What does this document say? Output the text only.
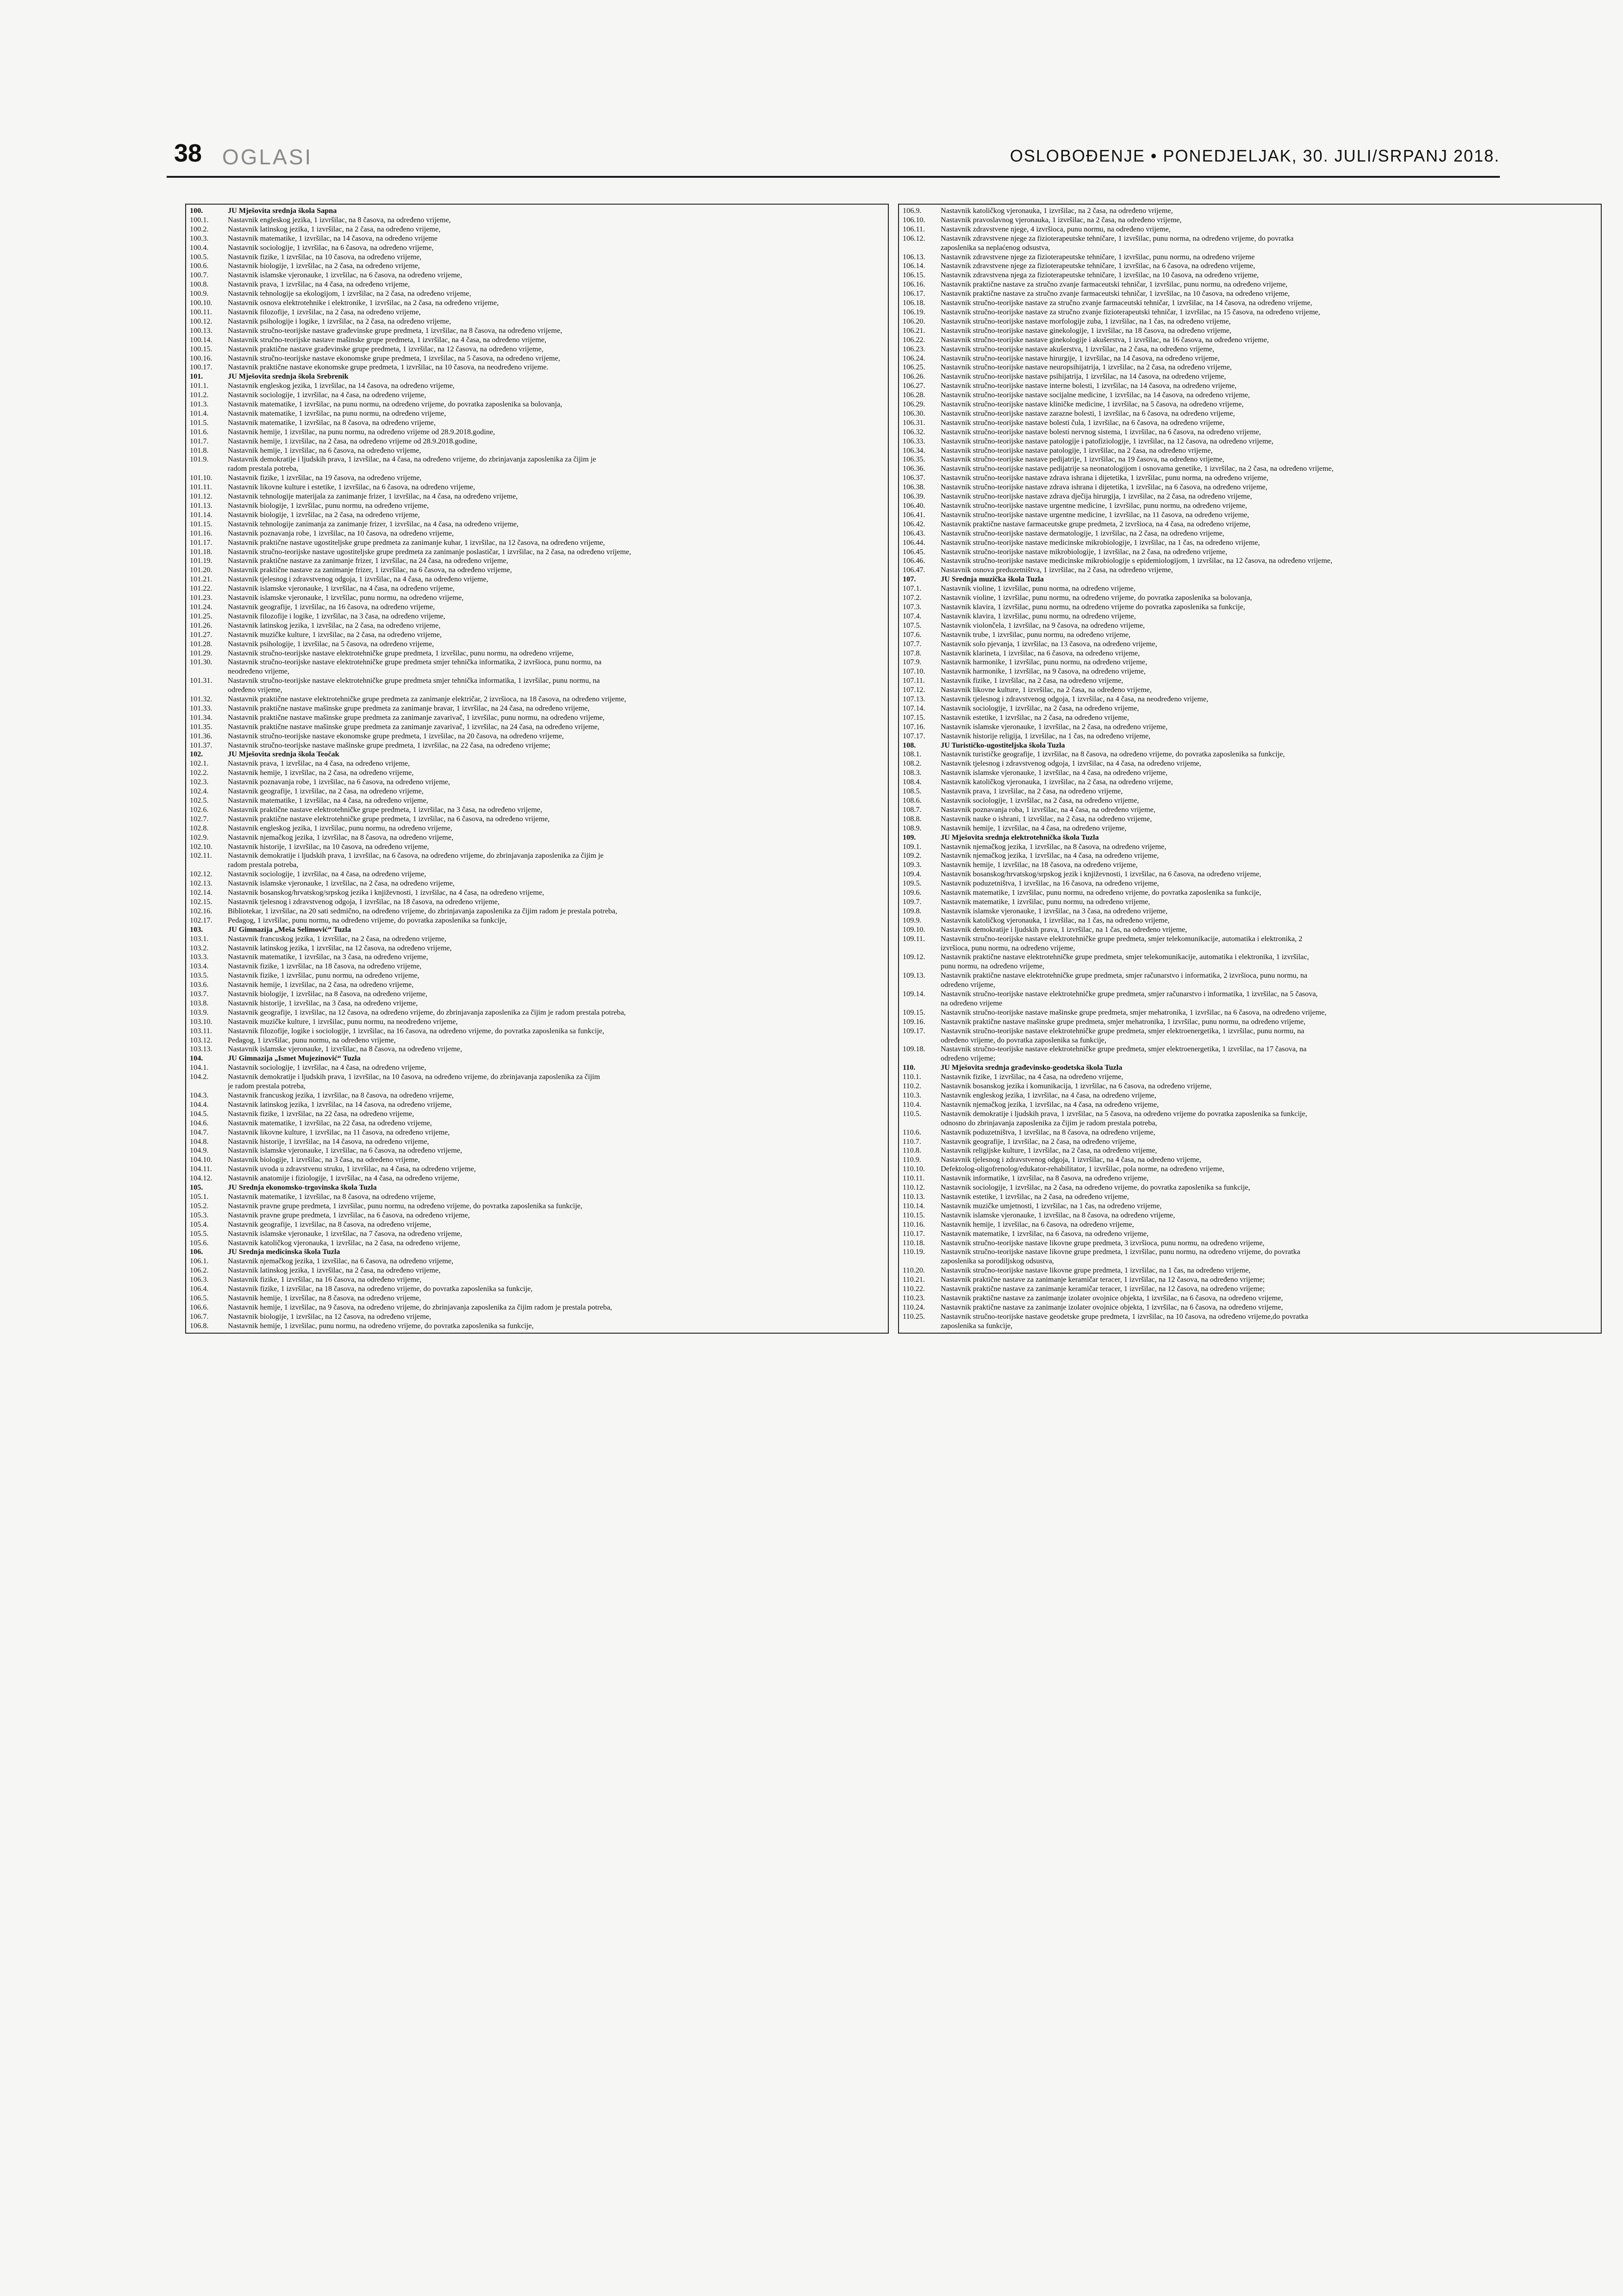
38 OGLASI	OSLOBOĐENJE • PONEDJELJAK, 30. JULI/SRPANJ 2018.
100.	JU Mješovita srednja škola Sapna
100.1.	Nastavnik engleskog jezika, 1 izvršilac, na 8 časova, na određeno vrijeme,
100.2.	Nastavnik latinskog jezika, 1 izvršilac, na 2 časa, na određeno vrijeme,
100.3.	Nastavnik matematike, 1 izvršilac, na 14 časova, na određeno vrijeme
100.4.	Nastavnik sociologije, 1 izvršilac, na 6 časova, na određeno vrijeme,
100.5.	Nastavnik fizike, 1 izvršilac, na 10 časova, na određeno vrijeme,
100.6.	Nastavnik biologije, 1 izvršilac, na 2 časa, na određeno vrijeme,
100.7.	Nastavnik islamske vjeronauke, 1 izvršilac, na 6 časova, na određeno vrijeme,
100.8.	Nastavnik prava, 1 izvršilac, na 4 časa, na određeno vrijeme,
100.9.	Nastavnik tehnologije sa ekologijom, 1 izvršilac, na 2 časa, na određeno vrijeme,
100.10.	Nastavnik osnova elektrotehnike i elektronike, 1 izvršilac, na 2 časa, na određeno vrijeme,
100.11.	Nastavnik filozofije, 1 izvršilac, na 2 časa, na određeno vrijeme,
100.12.	Nastavnik psihologije i logike, 1 izvršilac, na 2 časa, na određeno vrijeme,
100.13.	Nastavnik stručno-teorijske nastave građevinske grupe predmeta, 1 izvršilac, na 8 časova, na određeno vrijeme,
100.14.	Nastavnik stručno-teorijske nastave mašinske grupe predmeta, 1 izvršilac, na 4 časa, na određeno vrijeme,
100.15.	Nastavnik praktične nastave građevinske grupe predmeta, 1 izvršilac, na 12 časova, na određeno vrijeme,
100.16.	Nastavnik stručno-teorijske nastave ekonomske grupe predmeta, 1 izvršilac, na 5 časova, na određeno vrijeme,
100.17.	Nastavnik praktične nastave ekonomske grupe predmeta, 1 izvršilac, na 10 časova, na neodređeno vrijeme.
101.	JU Mješovita srednja škola Srebrenik
101.1.	Nastavnik engleskog jezika, 1 izvršilac, na 14 časova, na određeno vrijeme,
101.2.	Nastavnik sociologije, 1 izvršilac, na 4 časa, na određeno vrijeme,
101.3.	Nastavnik matematike, 1 izvršilac, na punu normu, na određeno vrijeme, do povratka zaposlenika sa bolovanja,
101.4.	Nastavnik matematike, 1 izvršilac, na punu normu, na određeno vrijeme,
101.5.	Nastavnik matematike, 1 izvršilac, na 8 časova, na određeno vrijeme,
101.6.	Nastavnik hemije, 1 izvršilac, na punu normu, na određeno vrijeme od 28.9.2018.godine,
101.7.	Nastavnik hemije, 1 izvršilac, na 2 časa, na određeno vrijeme od 28.9.2018.godine,
101.8.	Nastavnik hemije, 1 izvršilac, na 6 časova, na određeno vrijeme,
101.9.	Nastavnik demokratije i ljudskih prava, 1 izvršilac, na 4 časa, na određeno vrijeme, do zbrinjavanja zaposlenika za čijim je
radom prestala potreba,
101.10.	Nastavnik fizike, 1 izvršilac, na 19 časova, na određeno vrijeme,
101.11.	Nastavnik likovne kulture i estetike, 1 izvršilac, na 6 časova, na određeno vrijeme,
101.12.	Nastavnik tehnologije materijala za zanimanje frizer, 1 izvršilac, na 4 časa, na određeno vrijeme,
101.13.	Nastavnik biologije, 1 izvršilac, punu normu, na određeno vrijeme,
101.14.	Nastavnik biologije, 1 izvršilac, na 2 časa, na određeno vrijeme,
101.15.	Nastavnik tehnologije zanimanja za zanimanje frizer, 1 izvršilac, na 4 časa, na određeno vrijeme,
101.16.	Nastavnik poznavanja robe, 1 izvršilac, na 10 časova, na određeno vrijeme,
101.17.	Nastavnik praktične nastave ugostiteljske grupe predmeta za zanimanje kuhar, 1 izvršilac, na 12 časova, na određeno vrijeme,
101.18.	Nastavnik stručno-teorijske nastave ugostiteljske grupe predmeta za zanimanje poslastičar, 1 izvršilac, na 2 časa, na određeno vrijeme,
101.19.	Nastavnik praktične nastave za zanimanje frizer, 1 izvršilac, na 24 časa, na određeno vrijeme,
101.20.	Nastavnik praktične nastave za zanimanje frizer, 1 izvršilac, na 6 časova, na određeno vrijeme,
101.21.	Nastavnik tjelesnog i zdravstvenog odgoja, 1 izvršilac, na 4 časa, na određeno vrijeme,
101.22.	Nastavnik islamske vjeronauke, 1 izvršilac, na 4 časa, na određeno vrijeme,
101.23.	Nastavnik islamske vjeronauke, 1 izvršilac, punu normu, na određeno vrijeme,
101.24.	Nastavnik geografije, 1 izvršilac, na 16 časova, na određeno vrijeme,
101.25.	Nastavnik filozofije i logike, 1 izvršilac, na 3 časa, na određeno vrijeme,
101.26.	Nastavnik latinskog jezika, 1 izvršilac, na 2 časa, na određeno vrijeme,
101.27.	Nastavnik muzičke kulture, 1 izvršilac, na 2 časa, na određeno vrijeme,
101.28.	Nastavnik psihologije, 1 izvršilac, na 5 časova, na određeno vrijeme,
101.29.	Nastavnik stručno-teorijske nastave elektrotehničke grupe predmeta, 1 izvršilac, punu normu, na određeno vrijeme,
101.30.	Nastavnik stručno-teorijske nastave elektrotehničke grupe predmeta smjer tehnička informatika, 2 izvršioca, punu normu, na
neodređeno vrijeme,
101.31.	Nastavnik stručno-teorijske nastave elektrotehničke grupe predmeta smjer tehnička informatika, 1 izvršilac, punu normu, na
određeno vrijeme,
101.32.	Nastavnik praktične nastave elektrotehničke grupe predmeta za zanimanje električar, 2 izvršioca, na 18 časova, na određeno vrijeme,
101.33.	Nastavnik praktične nastave mašinske grupe predmeta za zanimanje bravar, 1 izvršilac, na 24 časa, na određeno vrijeme,
101.34.	Nastavnik praktične nastave mašinske grupe predmeta za zanimanje zavarivač, 1 izvršilac, punu normu, na određeno vrijeme,
101.35.	Nastavnik praktične nastave mašinske grupe predmeta za zanimanje zavarivač, 1 izvršilac, na 24 časa, na određeno vrijeme,
101.36.	Nastavnik stručno-teorijske nastave ekonomske grupe predmeta, 1 izvršilac, na 20 časova, na određeno vrijeme,
101.37.	Nastavnik stručno-teorijske nastave mašinske grupe predmeta, 1 izvršilac, na 22 časa, na određeno vrijeme;
102.	JU Mješovita srednja škola Teočak
102.1.	Nastavnik prava, 1 izvršilac, na 4 časa, na određeno vrijeme,
102.2.	Nastavnik hemije, 1 izvršilac, na 2 časa, na određeno vrijeme,
102.3.	Nastavnik poznavanja robe, 1 izvršilac, na 6 časova, na određeno vrijeme,
102.4.	Nastavnik geografije, 1 izvršilac, na 2 časa, na određeno vrijeme,
102.5.	Nastavnik matematike, 1 izvršilac, na 4 časa, na određeno vrijeme,
102.6.	Nastavnik praktične nastave elektrotehničke grupe predmeta, 1 izvršilac, na 3 časa, na određeno vrijeme,
102.7.	Nastavnik praktične nastave elektrotehničke grupe predmeta, 1 izvršilac, na 6 časova, na određeno vrijeme,
102.8.	Nastavnik engleskog jezika, 1 izvršilac, punu normu, na određeno vrijeme,
102.9.	Nastavnik njemačkog jezika, 1 izvršilac, na 8 časova, na određeno vrijeme,
102.10.	Nastavnik historije, 1 izvršilac, na 10 časova, na određeno vrijeme,
102.11.	Nastavnik demokratije i ljudskih prava, 1 izvršilac, na 6 časova, na određeno vrijeme, do zbrinjavanja zaposlenika za čijim je
radom prestala potreba,
102.12.	Nastavnik sociologije, 1 izvršilac, na 4 časa, na određeno vrijeme,
102.13.	Nastavnik islamske vjeronauke, 1 izvršilac, na 2 časa, na određeno vrijeme,
102.14.	Nastavnik bosanskog/hrvatskog/srpskog jezika i književnosti, 1 izvršilac, na 4 časa, na određeno vrijeme,
102.15.	Nastavnik tjelesnog i zdravstvenog odgoja, 1 izvršilac, na 18 časova, na određeno vrijeme,
102.16.	Bibliotekar, 1 izvršilac, na 20 sati sedmično, na određeno vrijeme, do zbrinjavanja zaposlenika za čijim radom je prestala potreba,
102.17.	Pedagog, 1 izvršilac, punu normu, na određeno vrijeme, do povratka zaposlenika sa funkcije,
103.	JU Gimnazija „Meša Selimović“ Tuzla
103.1.	Nastavnik francuskog jezika, 1 izvršilac, na 2 časa, na određeno vrijeme,
103.2.	Nastavnik latinskog jezika, 1 izvršilac, na 12 časova, na određeno vrijeme,
103.3.	Nastavnik matematike, 1 izvršilac, na 3 časa, na određeno vrijeme,
103.4.	Nastavnik fizike, 1 izvršilac, na 18 časova, na određeno vrijeme,
103.5.	Nastavnik fizike, 1 izvršilac, punu normu, na određeno vrijeme,
103.6.	Nastavnik hemije, 1 izvršilac, na 2 časa, na određeno vrijeme,
103.7.	Nastavnik biologije, 1 izvršilac, na 8 časova, na određeno vrijeme,
103.8.	Nastavnik historije, 1 izvršilac, na 3 časa, na određeno vrijeme,
103.9.	Nastavnik geografije, 1 izvršilac, na 12 časova, na određeno vrijeme, do zbrinjavanja zaposlenika za čijim je radom prestala potreba,
103.10.	Nastavnik muzičke kulture, 1 izvršilac, punu normu, na neodređeno vrijeme,
103.11.	Nastavnik filozofije, logike i sociologije, 1 izvršilac, na 16 časova, na određeno vrijeme, do povratka zaposlenika sa funkcije,
103.12.	Pedagog, 1 izvršilac, punu normu, na određeno vrijeme,
103.13.	Nastavnik islamske vjeronauke, 1 izvršilac, na 8 časova, na određeno vrijeme,
104.	JU Gimnazija „Ismet Mujezinović“ Tuzla
104.1.	Nastavnik sociologije, 1 izvršilac, na 4 časa, na određeno vrijeme,
104.2.	Nastavnik demokratije i ljudskih prava, 1 izvršilac, na 10 časova, na određeno vrijeme, do zbrinjavanja zaposlenika za čijim
je radom prestala potreba,
104.3.	Nastavnik francuskog jezika, 1 izvršilac, na 8 časova, na određeno vrijeme,
104.4.	Nastavnik latinskog jezika, 1 izvršilac, na 14 časova, na određeno vrijeme,
104.5.	Nastavnik fizike, 1 izvršilac, na 22 časa, na određeno vrijeme,
104.6.	Nastavnik matematike, 1 izvršilac, na 22 časa, na određeno vrijeme,
104.7.	Nastavnik likovne kulture, 1 izvršilac, na 11 časova, na određeno vrijeme,
104.8.	Nastavnik historije, 1 izvršilac, na 14 časova, na određeno vrijeme,
104.9.	Nastavnik islamske vjeronauke, 1 izvršilac, na 6 časova, na određeno vrijeme,
104.10.	Nastavnik biologije, 1 izvršilac, na 3 časa, na određeno vrijeme,
104.11.	Nastavnik uvoda u zdravstvenu struku, 1 izvršilac, na 4 časa, na određeno vrijeme,
104.12.	Nastavnik anatomije i fiziologije, 1 izvršilac, na 4 časa, na određeno vrijeme,
105.	JU Srednja ekonomsko-trgovinska škola Tuzla
105.1.	Nastavnik matematike, 1 izvršilac, na 8 časova, na određeno vrijeme,
105.2.	Nastavnik pravne grupe predmeta, 1 izvršilac, punu normu, na određeno vrijeme, do povratka zaposlenika sa funkcije,
105.3.	Nastavnik pravne grupe predmeta, 1 izvršilac, na 6 časova, na određeno vrijeme,
105.4.	Nastavnik geografije, 1 izvršilac, na 8 časova, na određeno vrijeme,
105.5.	Nastavnik islamske vjeronauke, 1 izvršilac, na 7 časova, na određeno vrijeme,
105.6.	Nastavnik katoličkog vjeronauka, 1 izvršilac, na 2 časa, na određeno vrijeme,
106.	JU Srednja medicinska škola Tuzla
106.1.	Nastavnik njemačkog jezika, 1 izvršilac, na 6 časova, na određeno vrijeme,
106.2.	Nastavnik latinskog jezika, 1 izvršilac, na 2 časa, na određeno vrijeme,
106.3.	Nastavnik fizike, 1 izvršilac, na 16 časova, na određeno vrijeme,
106.4.	Nastavnik fizike, 1 izvršilac, na 18 časova, na određeno vrijeme, do povratka zaposlenika sa funkcije,
106.5.	Nastavnik hemije, 1 izvršilac, na 8 časova, na određeno vrijeme,
106.6.	Nastavnik hemije, 1 izvršilac, na 9 časova, na određeno vrijeme, do zbrinjavanja zaposlenika za čijim radom je prestala potreba,
106.7.	Nastavnik biologije, 1 izvršilac, na 12 časova, na određeno vrijeme,
106.8.	Nastavnik hemije, 1 izvršilac, punu normu, na određeno vrijeme, do povratka zaposlenika sa funkcije,
106.9.	Nastavnik katoličkog vjeronauka, 1 izvršilac, na 2 časa, na određeno vrijeme,
106.10.	Nastavnik pravoslavnog vjeronauka, 1 izvršilac, na 2 časa, na određeno vrijeme,
106.11.	Nastavnik zdravstvene njege, 4 izvršioca, punu normu, na određeno vrijeme,
106.12.	Nastavnik zdravstvene njege za fizioterapeutske tehničare, 1 izvršilac, punu norma, na određeno vrijeme, do povratka
zaposlenika sa neplaćenog odsustva,
106.13.	Nastavnik zdravstvene njege za fizioterapeutske tehničare, 1 izvršilac, punu normu, na određeno vrijeme
106.14.	Nastavnik zdravstvene njege za fizioterapeutske tehničare, 1 izvršilac, na 6 časova, na određeno vrijeme,
106.15.	Nastavnik zdravstvena njega za fizioterapeutske tehničare, 1 izvršilac, na 10 časova, na određeno vrijeme,
106.16.	Nastavnik praktične nastave za stručno zvanje farmaceutski tehničar, 1 izvršilac, punu normu, na određeno vrijeme,
106.17.	Nastavnik praktične nastave za stručno zvanje farmaceutski tehničar, 1 izvršilac, na 10 časova, na određeno vrijeme,
106.18.	Nastavnik stručno-teorijske nastave za stručno zvanje farmaceutski tehničar, 1 izvršilac, na 14 časova, na određeno vrijeme,
106.19.	Nastavnik stručno-teorijske nastave za stručno zvanje fizioterapeutski tehničar, 1 izvršilac, na 15 časova, na određeno vrijeme,
106.20.	Nastavnik stručno-teorijske nastave morfologije zuba, 1 izvršilac, na 1 čas, na određeno vrijeme,
106.21.	Nastavnik stručno-teorijske nastave ginekologije, 1 izvršilac, na 18 časova, na određeno vrijeme,
106.22.	Nastavnik stručno-teorijske nastave ginekologije i akušerstva, 1 izvršilac, na 16 časova, na određeno vrijeme,
106.23.	Nastavnik stručno-teorijske nastave akušerstva, 1 izvršilac, na 2 časa, na određeno vrijeme,
106.24.	Nastavnik stručno-teorijske nastave hirurgije, 1 izvršilac, na 14 časova, na određeno vrijeme,
106.25.	Nastavnik stručno-teorijske nastave neuropsihijatrija, 1 izvršilac, na 2 časa, na određeno vrijeme,
106.26.	Nastavnik stručno-teorijske nastave psihijatrija, 1 izvršilac, na 14 časova, na određeno vrijeme,
106.27.	Nastavnik stručno-teorijske nastave interne bolesti, 1 izvršilac, na 14 časova, na određeno vrijeme,
106.28.	Nastavnik stručno-teorijske nastave socijalne medicine, 1 izvršilac, na 14 časova, na određeno vrijeme,
106.29.	Nastavnik stručno-teorijske nastave kliničke medicine, 1 izvršilac, na 5 časova, na određeno vrijeme,
106.30.	Nastavnik stručno-teorijske nastave zarazne bolesti, 1 izvršilac, na 6 časova, na određeno vrijeme,
106.31.	Nastavnik stručno-teorijske nastave bolesti čula, 1 izvršilac, na 6 časova, na određeno vrijeme,
106.32.	Nastavnik stručno-teorijske nastave bolesti nervnog sistema, 1 izvršilac, na 6 časova, na određeno vrijeme,
106.33.	Nastavnik stručno-teorijske nastave patologije i patofiziologije, 1 izvršilac, na 12 časova, na određeno vrijeme,
106.34.	Nastavnik stručno-teorijske nastave patologije, 1 izvršilac, na 2 časa, na određeno vrijeme,
106.35.	Nastavnik stručno-teorijske nastave pedijatrije, 1 izvršilac, na 19 časova, na određeno vrijeme,
106.36.	Nastavnik stručno-teorijske nastave pedijatrije sa neonatologijom i osnovama genetike, 1 izvršilac, na 2 časa, na određeno vrijeme,
106.37.	Nastavnik stručno-teorijske nastave zdrava ishrana i dijetetika, 1 izvršilac, punu norma, na određeno vrijeme,
106.38.	Nastavnik stručno-teorijske nastave zdrava ishrana i dijetetika, 1 izvršilac, na 6 časova, na određeno vrijeme,
106.39.	Nastavnik stručno-teorijske nastave zdrava dječija hirurgija, 1 izvršilac, na 2 časa, na određeno vrijeme,
106.40.	Nastavnik stručno-teorijske nastave urgentne medicine, 1 izvršilac, punu normu, na određeno vrijeme,
106.41.	Nastavnik stručno-teorijske nastave urgentne medicine, 1 izvršilac, na 11 časova, na određeno vrijeme,
106.42.	Nastavnik praktične nastave farmaceutske grupe predmeta, 2 izvršioca, na 4 časa, na određeno vrijeme,
106.43.	Nastavnik stručno-teorijske nastave dermatologije, 1 izvršilac, na 2 časa, na određeno vrijeme,
106.44.	Nastavnik stručno-teorijske nastave medicinske mikrobiologije, 1 izvršilac, na 1 čas, na određeno vrijeme,
106.45.	Nastavnik stručno-teorijske nastave mikrobiologije, 1 izvršilac, na 2 časa, na određeno vrijeme,
106.46.	Nastavnik stručno-teorijske nastave medicinske mikrobiologije s epidemiologijom, 1 izvršilac, na 12 časova, na određeno vrijeme,
106.47.	Nastavnik osnova preduzetništva, 1 izvršilac, na 2 časa, na određeno vrijeme,
107.	JU Srednja muzička škola Tuzla
107.1.	Nastavnik violine, 1 izvršilac, punu norma, na određeno vrijeme,
107.2.	Nastavnik violine, 1 izvršilac, punu normu, na određeno vrijeme, do povratka zaposlenika sa bolovanja,
107.3.	Nastavnik klavira, 1 izvršilac, punu normu, na određeno vrijeme do povratka zaposlenika sa funkcije,
107.4.	Nastavnik klavira, 1 izvršilac, punu normu, na određeno vrijeme,
107.5.	Nastavnik violončela, 1 izvršilac, na 9 časova, na određeno vrijeme,
107.6.	Nastavnik trube, 1 izvršilac, punu normu, na određeno vrijeme,
107.7.	Nastavnik solo pjevanja, 1 izvršilac, na 13 časova, na određeno vrijeme,
107.8.	Nastavnik klarineta, 1 izvršilac, na 6 časova, na određeno vrijeme,
107.9.	Nastavnik harmonike, 1 izvršilac, punu normu, na određeno vrijeme,
107.10.	Nastavnik harmonike, 1 izvršilac, na 9 časova, na određeno vrijeme,
107.11.	Nastavnik fizike, 1 izvršilac, na 2 časa, na određeno vrijeme,
107.12.	Nastavnik likovne kulture, 1 izvršilac, na 2 časa, na određeno vrijeme,
107.13.	Nastavnik tjelesnog i zdravstvenog odgoja, 1 izvršilac, na 4 časa, na neodređeno vrijeme,
107.14.	Nastavnik sociologije, 1 izvršilac, na 2 časa, na određeno vrijeme,
107.15.	Nastavnik estetike, 1 izvršilac, na 2 časa, na određeno vrijeme,
107.16.	Nastavnik islamske vjeronauke, 1 izvršilac, na 2 časa, na određeno vrijeme,
107.17.	Nastavnik historije religija, 1 izvršilac, na 1 čas, na određeno vrijeme,
108.	JU Turističko-ugostiteljska škola Tuzla
108.1.	Nastavnik turističke geografije, 1 izvršilac, na 8 časova, na određeno vrijeme, do povratka zaposlenika sa funkcije,
108.2.	Nastavnik tjelesnog i zdravstvenog odgoja, 1 izvršilac, na 4 časa, na određeno vrijeme,
108.3.	Nastavnik islamske vjeronauke, 1 izvršilac, na 4 časa, na određeno vrijeme,
108.4.	Nastavnik katoličkog vjeronauka, 1 izvršilac, na 2 časa, na određeno vrijeme,
108.5.	Nastavnik prava, 1 izvršilac, na 2 časa, na određeno vrijeme,
108.6.	Nastavnik sociologije, 1 izvršilac, na 2 časa, na određeno vrijeme,
108.7.	Nastavnik poznavanja roba, 1 izvršilac, na 4 časa, na određeno vrijeme,
108.8.	Nastavnik nauke o ishrani, 1 izvršilac, na 2 časa, na određeno vrijeme,
108.9.	Nastavnik hemije, 1 izvršilac, na 4 časa, na određeno vrijeme,
109.	JU Mješovita srednja elektrotehnička škola Tuzla
109.1.	Nastavnik njemačkog jezika, 1 izvršilac, na 8 časova, na određeno vrijeme,
109.2.	Nastavnik njemačkog jezika, 1 izvršilac, na 4 časa, na određeno vrijeme,
109.3.	Nastavnik hemije, 1 izvršilac, na 18 časova, na određeno vrijeme,
109.4.	Nastavnik bosanskog/hrvatskog/srpskog jezik i književnosti, 1 izvršilac, na 6 časova, na određeno vrijeme,
109.5.	Nastavnik poduzetništva, 1 izvršilac, na 16 časova, na određeno vrijeme,
109.6.	Nastavnik matematike, 1 izvršilac, punu normu, na određeno vrijeme, do povratka zaposlenika sa funkcije,
109.7.	Nastavnik matematike, 1 izvršilac, punu normu, na određeno vrijeme,
109.8.	Nastavnik islamske vjeronauke, 1 izvršilac, na 3 časa, na određeno vrijeme,
109.9.	Nastavnik katoličkog vjeronauka, 1 izvršilac, na 1 čas, na određeno vrijeme,
109.10.	Nastavnik demokratije i ljudskih prava, 1 izvršilac, na 1 čas, na određeno vrijeme,
109.11.	Nastavnik stručno-teorijske nastave elektrotehničke grupe predmeta, smjer telekomunikacije, automatika i elektronika, 2
izvršioca, punu normu, na određeno vrijeme,
109.12.	Nastavnik praktične nastave elektrotehničke grupe predmeta, smjer telekomunikacije, automatika i elektronika, 1 izvršilac,
punu normu, na određeno vrijeme,
109.13.	Nastavnik praktične nastave elektrotehničke grupe predmeta, smjer računarstvo i informatika, 2 izvršioca, punu normu, na
određeno vrijeme,
109.14.	Nastavnik stručno-teorijske nastave elektrotehničke grupe predmeta, smjer računarstvo i informatika, 1 izvršilac, na 5 časova,
na određeno vrijeme
109.15.	Nastavnik stručno-teorijske nastave mašinske grupe predmeta, smjer mehatronika, 1 izvršilac, na 6 časova, na određeno vrijeme,
109.16.	Nastavnik praktične nastave mašinske grupe predmeta, smjer mehatronika, 1 izvršilac, punu normu, na određeno vrijeme,
109.17.	Nastavnik stručno-teorijske nastave elektrotehničke grupe predmeta, smjer elektroenergetika, 1 izvršilac, punu normu, na
određeno vrijeme, do povratka zaposlenika sa funkcije,
109.18.	Nastavnik stručno-teorijske nastave elektrotehničke grupe predmeta, smjer elektroenergetika, 1 izvršilac, na 17 časova, na
određeno vrijeme;
110.	JU Mješovita srednja građevinsko-geodetska škola Tuzla
110.1.	Nastavnik fizike, 1 izvršilac, na 4 časa, na određeno vrijeme,
110.2.	Nastavnik bosanskog jezika i komunikacija, 1 izvršilac, na 6 časova, na određeno vrijeme,
110.3.	Nastavnik engleskog jezika, 1 izvršilac, na 4 časa, na određeno vrijeme,
110.4.	Nastavnik njemačkog jezika, 1 izvršilac, na 4 časa, na određeno vrijeme,
110.5.	Nastavnik demokratije i ljudskih prava, 1 izvršilac, na 5 časova, na određeno vrijeme do povratka zaposlenika sa funkcije,
odnosno do zbrinjavanja zaposlenika za čijim je radom prestala potreba,
110.6.	Nastavnik poduzetništva, 1 izvršilac, na 8 časova, na određeno vrijeme,
110.7.	Nastavnik geografije, 1 izvršilac, na 2 časa, na određeno vrijeme,
110.8.	Nastavnik religijske kulture, 1 izvršilac, na 2 časa, na određeno vrijeme,
110.9.	Nastavnik tjelesnog i zdravstvenog odgoja, 1 izvršilac, na 4 časa, na određeno vrijeme,
110.10.	Defektolog-oligofrenolog/edukator-rehabilitator, 1 izvršilac, pola norme, na određeno vrijeme,
110.11.	Nastavnik informatike, 1 izvršilac, na 8 časova, na određeno vrijeme,
110.12.	Nastavnik sociologije, 1 izvršilac, na 2 časa, na određeno vrijeme, do povratka zaposlenika sa funkcije,
110.13.	Nastavnik estetike, 1 izvršilac, na 2 časa, na određeno vrijeme,
110.14.	Nastavnik muzičke umjetnosti, 1 izvršilac, na 1 čas, na određeno vrijeme,
110.15.	Nastavnik islamske vjeronauke, 1 izvršilac, na 8 časova, na određeno vrijeme,
110.16.	Nastavnik hemije, 1 izvršilac, na 6 časova, na određeno vrijeme,
110.17.	Nastavnik matematike, 1 izvršilac, na 6 časova, na određeno vrijeme,
110.18.	Nastavnik stručno-teorijske nastave likovne grupe predmeta, 3 izvršioca, punu normu, na određeno vrijeme,
110.19.	Nastavnik stručno-teorijske nastave likovne grupe predmeta, 1 izvršilac, punu normu, na određeno vrijeme, do povratka
zaposlenika sa porodiljskog odsustva,
110.20.	Nastavnik stručno-teorijske nastave likovne grupe predmeta, 1 izvršilac, na 1 čas, na određeno vrijeme,
110.21.	Nastavnik praktične nastave za zanimanje keramičar teracer, 1 izvršilac, na 12 časova, na određeno vrijeme;
110.22.	Nastavnik praktične nastave za zanimanje keramičar teracer, 1 izvršilac, na 12 časova, na određeno vrijeme;
110.23.	Nastavnik praktične nastave za zanimanje izolater ovojnice objekta, 1 izvršilac, na 6 časova, na određeno vrijeme,
110.24.	Nastavnik praktične nastave za zanimanje izolater ovojnice objekta, 1 izvršilac, na 6 časova, na određeno vrijeme,
110.25.	Nastavnik stručno-teorijske nastave geodetske grupe predmeta, 1 izvršilac, na 10 časova, na određeno vrijeme,do povratka
zaposlenika sa funkcije,
